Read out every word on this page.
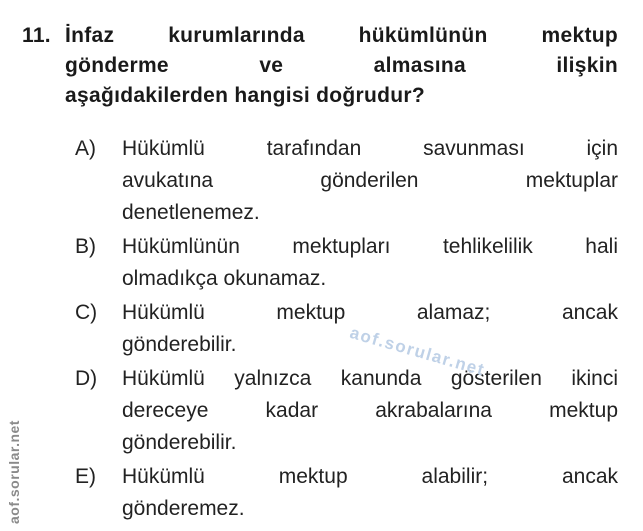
11. İnfaz kurumlarında hükümlünün mektup
gönderme ve almasına ilişkin
aşağıdakilerden hangisi doğrudur?
A)	Hükümlü tarafından savunması için
avukatına gönderilen mektuplar
denetlenemez.
B)	Hükümlünün mektupları tehlikelilik hali
olmadıkça okunamaz.
C)	Hükümlü mektup alamaz; ancak
gönderebilir.
D)	Hükümlü yalnızca kanunda gösterilen ikinci
dereceye kadar akrabalarına mektup
gönderebilir.
E)	Hükümlü mektup alabilir; ancak
gönderemez.
aof.sorular.net
aof.sorular.net
